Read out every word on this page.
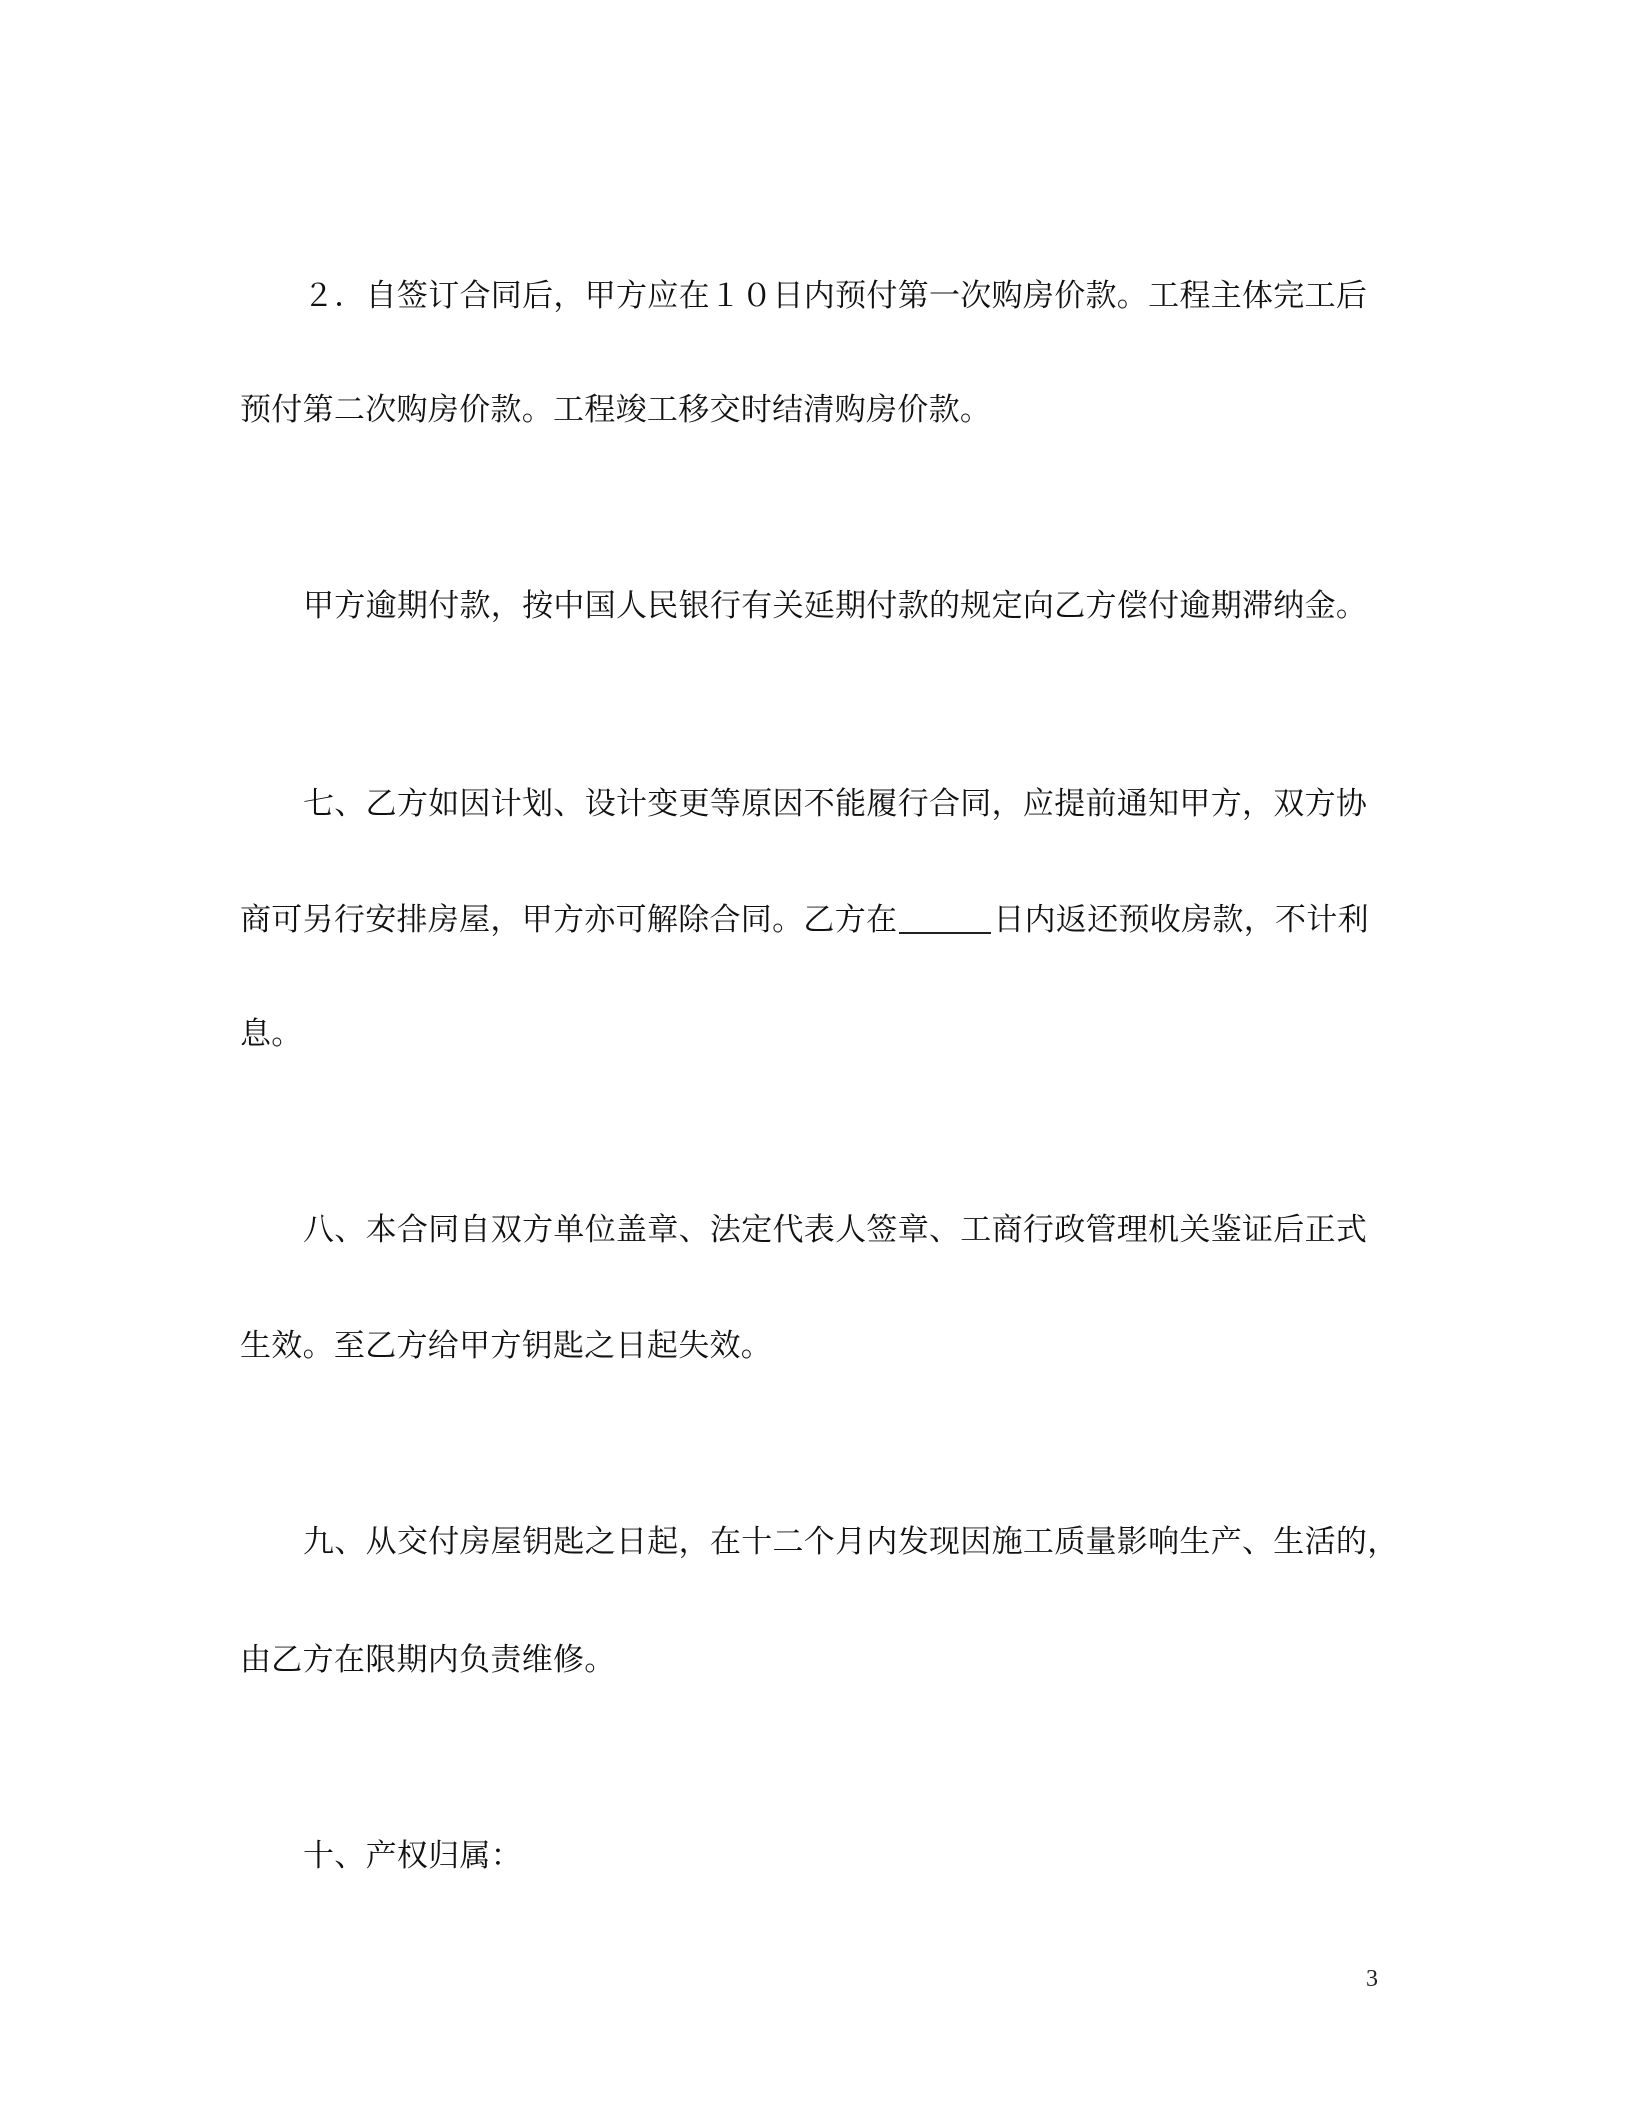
２．自签订合同后，甲方应在１０日内预付第一次购房价款。工程主体完工后
预付第二次购房价款。工程竣工移交时结清购房价款。
甲方逾期付款，按中国人民银行有关延期付款的规定向乙方偿付逾期滞纳金。
七、乙方如因计划、设计变更等原因不能履行合同，应提前通知甲方，双方协
商可另行安排房屋，甲方亦可解除合同。乙方在	日内返还预收房款，不计利
息。
八、本合同自双方单位盖章、法定代表人签章、工商行政管理机关鉴证后正式
生效。至乙方给甲方钥匙之日起失效。
九、从交付房屋钥匙之日起，在十二个月内发现因施工质量影响生产、生活的，
由乙方在限期内负责维修。
十、产权归属：
3
